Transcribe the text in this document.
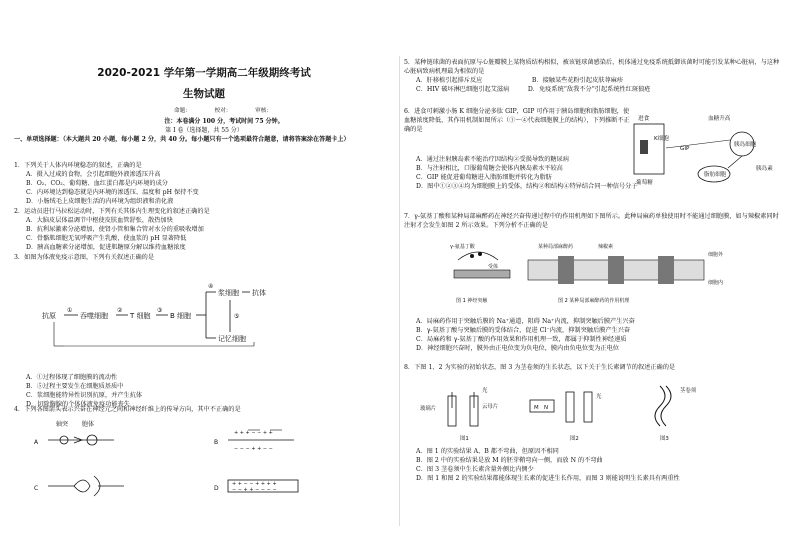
2020-2021 学年第一学期高二年级期终考试
生物试题
命题：	校对：	审核：
注：本卷满分 100 分，考试时间 75 分钟。
第 I 卷（选择题，共 55 分）
一、单项选择题：（本大题共 20 小题，每小题 2 分，共 40 分。每小题只有一个选项最符合题意，请将答案涂在答题卡上）

1．下列关于人体内环境稳态的叙述，正确的是

A．摄入过咸的食物，会引起细胞外液渗透压升高

B．O₂、CO₂、葡萄糖、血红蛋白都是内环境的成分

C．内环境达到稳态就是内环境的渗透压、温度和 pH 保持不变

D．小肠绒毛上皮细胞生活的内环境为组织液和消化液

2．运动员进行马拉松运动时，下列有关其体内生理变化的叙述正确的是

A．大脑皮层体温调节中枢使皮肤血管舒张，散热加快

B．抗利尿激素分泌增加，使肾小管和集合管对水分的重吸收增加

C．骨骼肌细胞无氧呼吸产生乳酸，使血浆的 pH 显著降低

D．胰高血糖素分泌增加，促进肌糖原分解以维持血糖浓度

3．如图为体液免疫示意图，下列有关叙述正确的是
抗原
①
吞噬细胞
②
T 细胞
③
B 细胞
④
浆细胞 抗体
记忆细胞
⑤

A．①过程体现了细胞膜的流动性

B．⑤过程主要发生在细胞质基质中

C．浆细胞能特异性识别抗原，并产生抗体

D．切除胸腺的个体体液免疫功能丧失

4．下列各图箭头表示兴奋在神经元之间和神经纤维上的传导方向，其中不正确的是
轴突 胞体
A	B
+ + + − − + +
− − − + + − −
C	D
+ + − − + + + +
− − + + − − − −

5．某种链球菌的表面抗原与心脏瓣膜上某物质结构相似，被该链球菌感染后，机体通过免疫系统抵御该菌时可能引发某种心脏病，与这种心脏病致病机理最为相似的是

A．肝移植引起排斥反应　　　　　　　　	B．接触某些花粉引起皮肤荨麻疹

C．HIV 破坏淋巴细胞引起艾滋病　　　	D．免疫系统“敌我不分”引起系统性红斑狼疮

6．进食可刺激小肠 K 细胞分泌多肽 GIP，GIP 可作用于胰岛细胞和脂肪细胞，使血糖浓度降低，其作用机制如图所示（①～④代表细胞膜上的结构），下列推断不正确的是
进食
K细胞
葡萄糖
GIP
血糖升高
胰岛细胞
胰岛素
脂肪细胞

A．通过注射胰岛素不能治疗因结构②受损导致的糖尿病

B．与注射相比，口服葡萄糖会使体内胰岛素水平较高

C．GIP 能促进葡萄糖进入脂肪细胞并转化为脂肪

D．图中①②③④均为细胞膜上的受体，结构②和结构④特异结合同一种信号分子

7．γ-氨基丁酸和某种局部麻醉药在神经兴奋传递过程中的作用机理如下图所示。此种局麻药单独使用时不能通过细胞膜，如与辣椒素同时注射才会发生如图 2 所示效果。下列分析不正确的是
γ-氨基丁酸
受体
图 1 神经突触
某种局部麻醉药	辣椒素
细胞外
细胞内
图 2 某种局部麻醉药的作用机理

A．局麻药作用于突触后膜的 Na⁺通道，阻碍 Na⁺内流，抑制突触后膜产生兴奋

B．γ-氨基丁酸与突触后膜的受体结合，促进 Cl⁻内流，抑制突触后膜产生兴奋

C．局麻药和 γ-氨基丁酸的作用效果和作用机理一致，都属于抑制性神经递质

D．神经细胞兴奋时，膜外由正电位变为负电位，膜内由负电位变为正电位

8．下图 1、2 为实验的初始状态，图 3 为茎卷须的生长状态，以下关于生长素调节的叙述正确的是
玻璃片
光
云母片
图1
M N
光
图2
茎卷须
图3

A．图 1 的实验结果 A、B 都不弯曲，但原因不相同

B．图 2 中的实验结果是放 M 的胚芽鞘弯向一侧，而放 N 的不弯曲

C．图 3 茎卷须中生长素含量外侧比内侧少

D．图 1 和图 2 的实验结果都能体现生长素的促进生长作用，而图 3 则能说明生长素具有两重性
